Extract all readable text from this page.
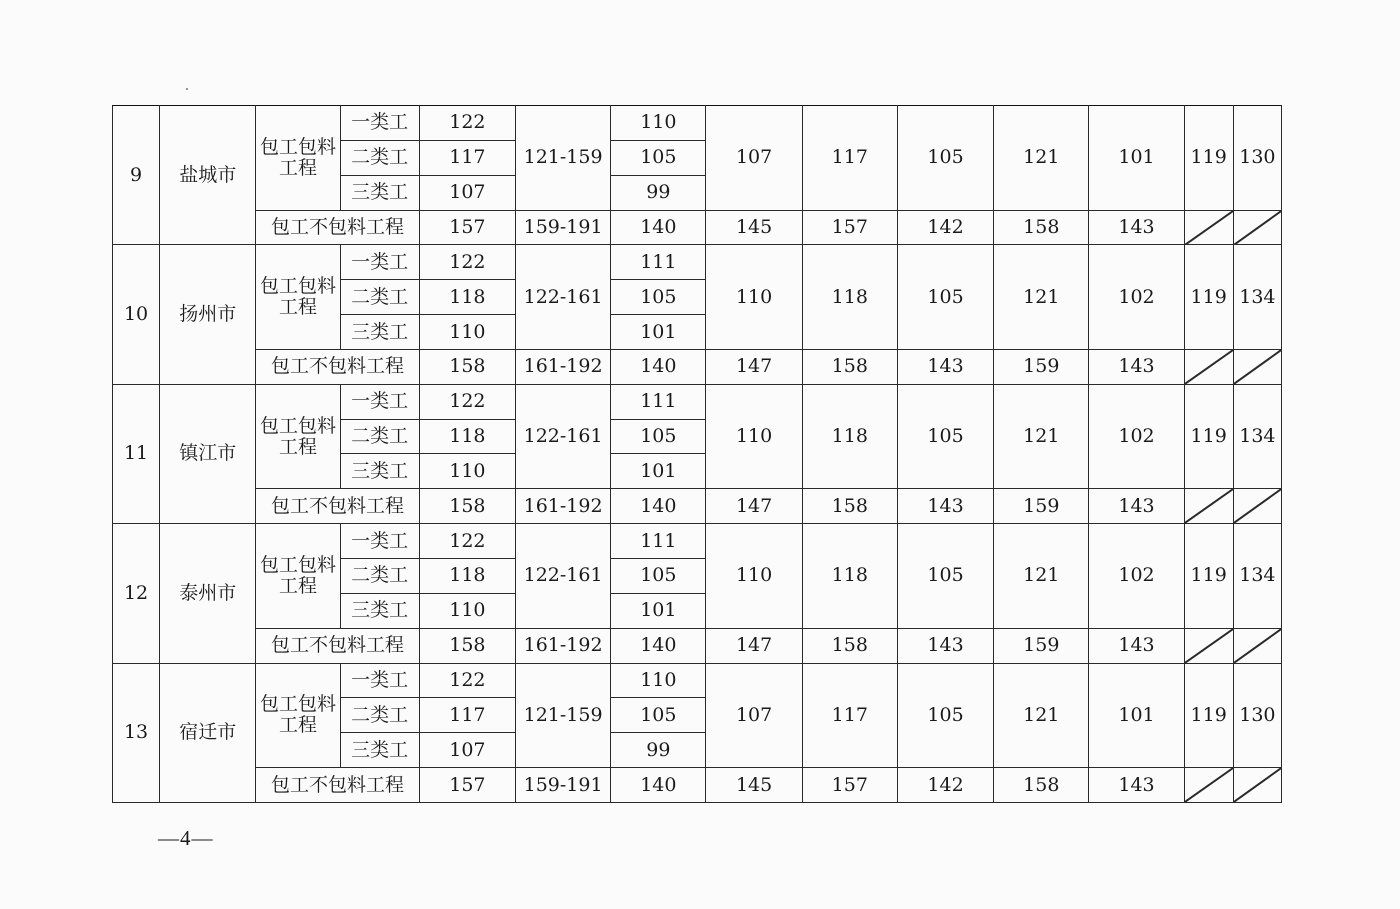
9	盐城市	包工包料工程	一类工	122	121-159	110	107	117	105	121	101	119	130
			二类工	117		105							
			三类工	107		99							
		包工不包料工程		157	159-191	140	145	157	142	158	143	

10	扬州市	包工包料工程	一类工	122	122-161	111	110	118	105	121	102	119	134
			二类工	118		105							
			三类工	110		101							
		包工不包料工程		158	161-192	140	147	158	143	159	143	

11	镇江市	包工包料工程	一类工	122	122-161	111	110	118	105	121	102	119	134
			二类工	118		105							
			三类工	110		101							
		包工不包料工程		158	161-192	140	147	158	143	159	143	

12	泰州市	包工包料工程	一类工	122	122-161	111	110	118	105	121	102	119	134
			二类工	118		105							
			三类工	110		101							
		包工不包料工程		158	161-192	140	147	158	143	159	143	

13	宿迁市	包工包料工程	一类工	122	121-159	110	107	117	105	121	101	119	130
			二类工	117		105							
			三类工	107		99							
		包工不包料工程		157	159-191	140	145	157	142	158	143	

—4—
